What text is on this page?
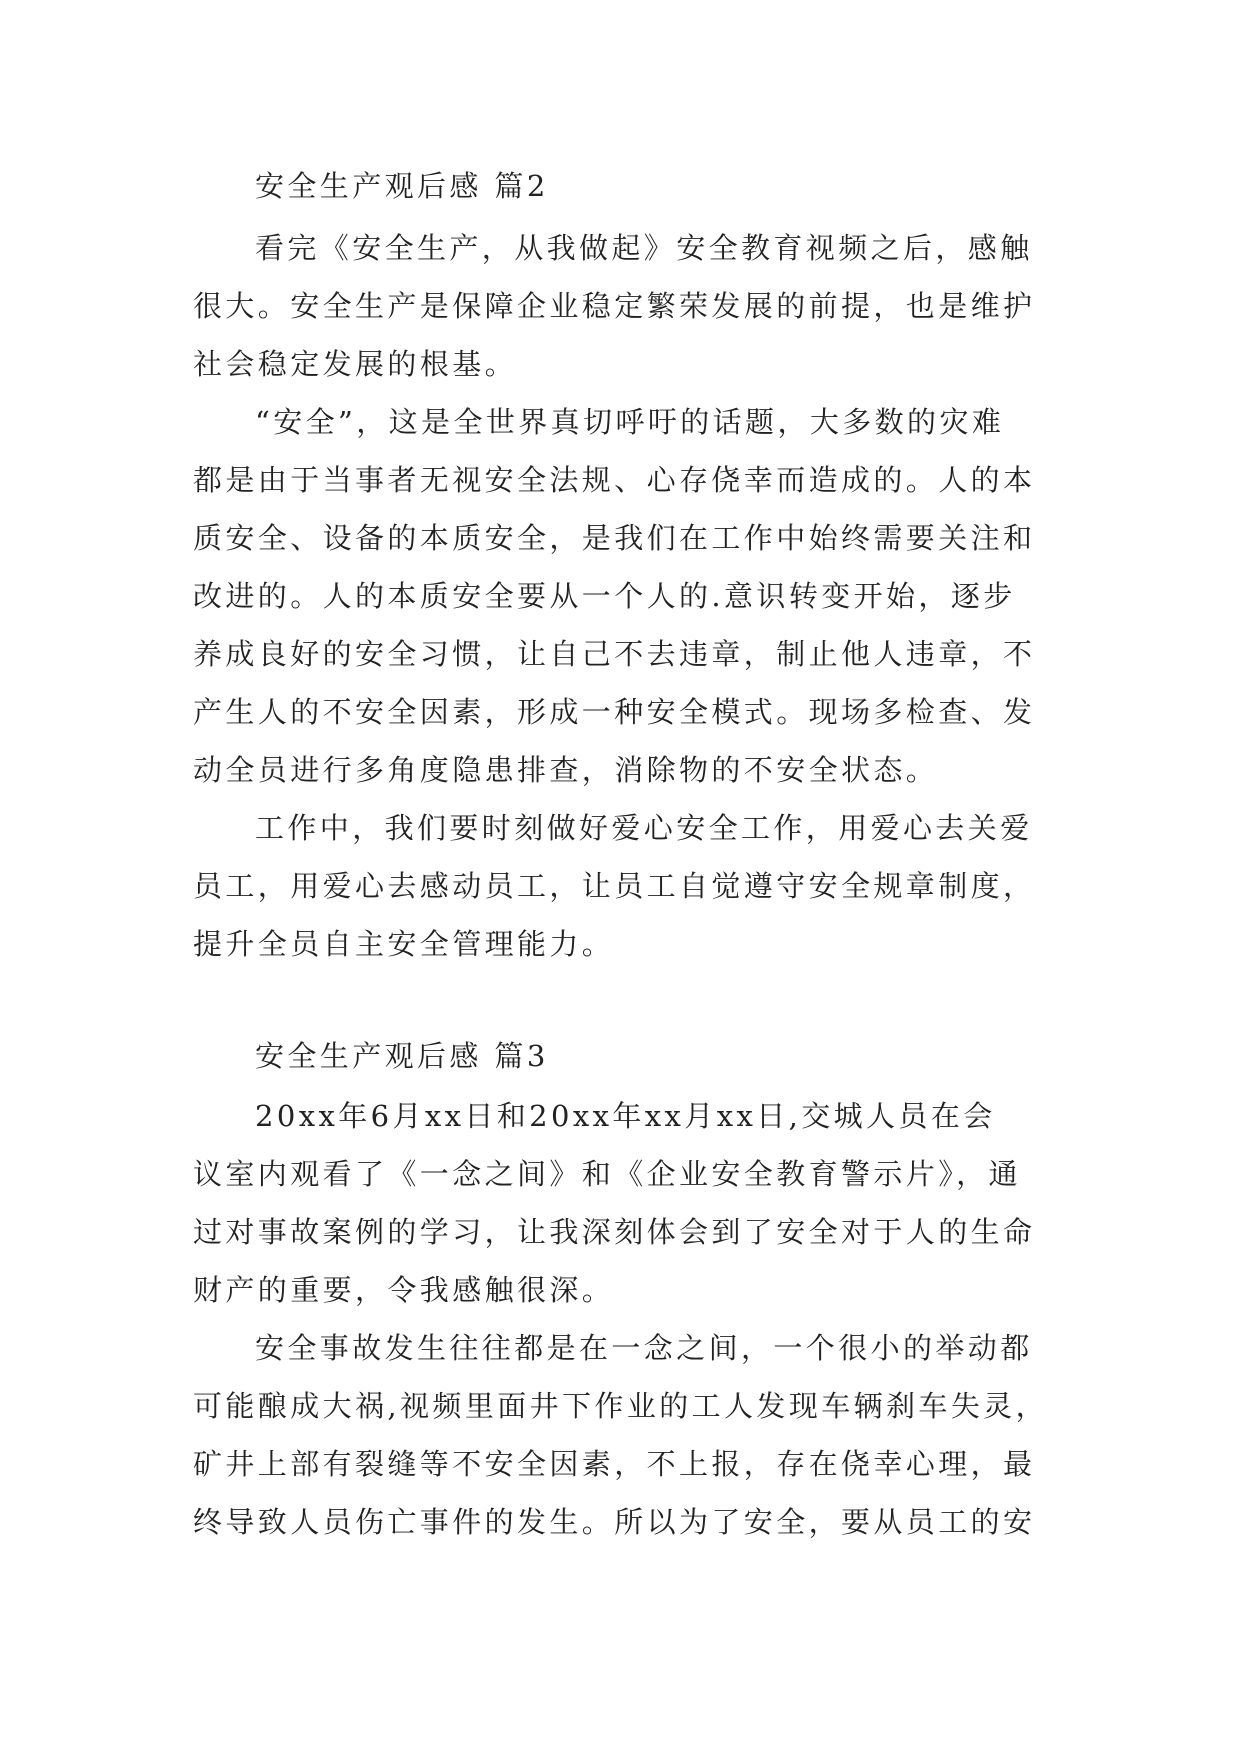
安全生产观后感 篇2
看完《安全生产，从我做起》安全教育视频之后，感触
很大。安全生产是保障企业稳定繁荣发展的前提，也是维护
社会稳定发展的根基。
“安全”，这是全世界真切呼吁的话题，大多数的灾难
都是由于当事者无视安全法规、心存侥幸而造成的。人的本
质安全、设备的本质安全，是我们在工作中始终需要关注和
改进的。人的本质安全要从一个人的.意识转变开始，逐步
养成良好的安全习惯，让自己不去违章，制止他人违章，不
产生人的不安全因素，形成一种安全模式。现场多检查、发
动全员进行多角度隐患排查，消除物的不安全状态。
工作中，我们要时刻做好爱心安全工作，用爱心去关爱
员工，用爱心去感动员工，让员工自觉遵守安全规章制度，
提升全员自主安全管理能力。
安全生产观后感 篇3
20xx年6月xx日和20xx年xx月xx日,交城人员在会
议室内观看了《一念之间》和《企业安全教育警示片》，通
过对事故案例的学习，让我深刻体会到了安全对于人的生命
财产的重要，令我感触很深。
安全事故发生往往都是在一念之间，一个很小的举动都
可能酿成大祸,视频里面井下作业的工人发现车辆刹车失灵，
矿井上部有裂缝等不安全因素，不上报，存在侥幸心理，最
终导致人员伤亡事件的发生。所以为了安全，要从员工的安
